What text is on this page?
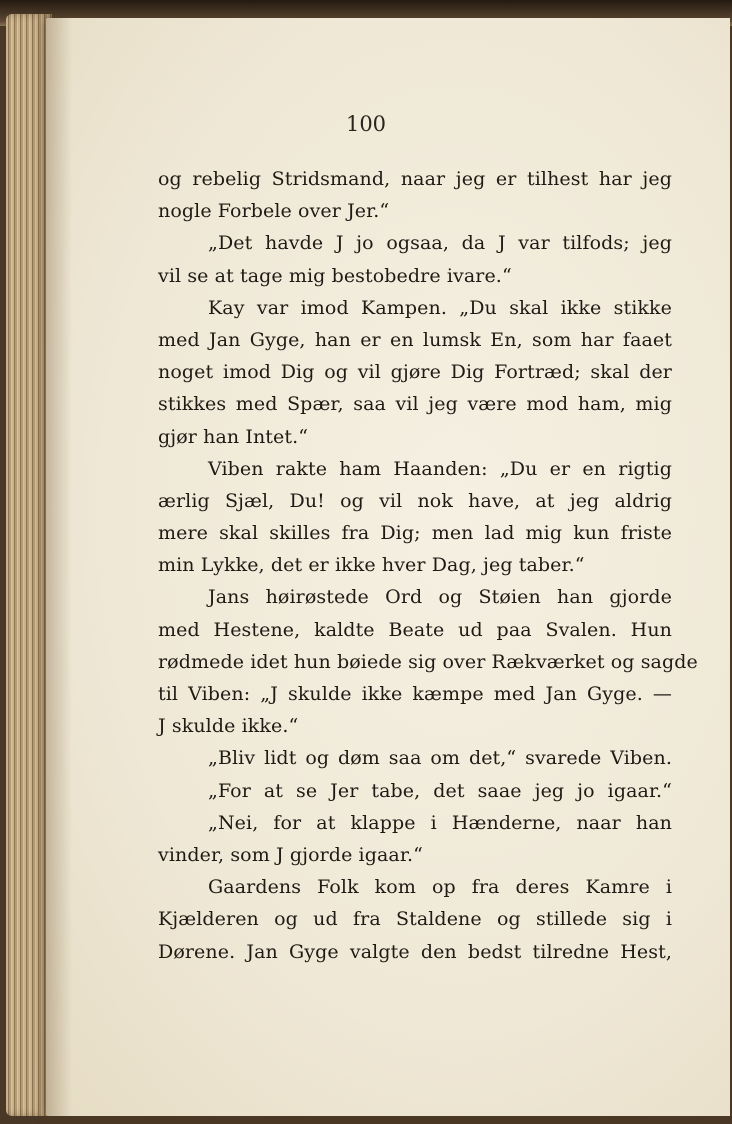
100

og rebelig Stridsmand, naar jeg er tilhest har jeg
nogle Forbele over Jer.“
„Det havde J jo ogsaa, da J var tilfods; jeg
vil se at tage mig bestobedre ivare.“
Kay var imod Kampen. „Du skal ikke stikke
med Jan Gyge, han er en lumsk En, som har faaet
noget imod Dig og vil gjøre Dig Fortræd; skal der
stikkes med Spær, saa vil jeg være mod ham, mig
gjør han Intet.“
Viben rakte ham Haanden: „Du er en rigtig
ærlig Sjæl, Du! og vil nok have, at jeg aldrig
mere skal skilles fra Dig; men lad mig kun friste
min Lykke, det er ikke hver Dag, jeg taber.“
Jans høirøstede Ord og Støien han gjorde
med Hestene, kaldte Beate ud paa Svalen. Hun
rødmede idet hun bøiede sig over Rækværket og sagde
til Viben: „J skulde ikke kæmpe med Jan Gyge. —
J skulde ikke.“
„Bliv lidt og døm saa om det,“ svarede Viben.
„For at se Jer tabe, det saae jeg jo igaar.“
„Nei, for at klappe i Hænderne, naar han
vinder, som J gjorde igaar.“
Gaardens Folk kom op fra deres Kamre i
Kjælderen og ud fra Staldene og stillede sig i
Dørene. Jan Gyge valgte den bedst tilredne Hest,
